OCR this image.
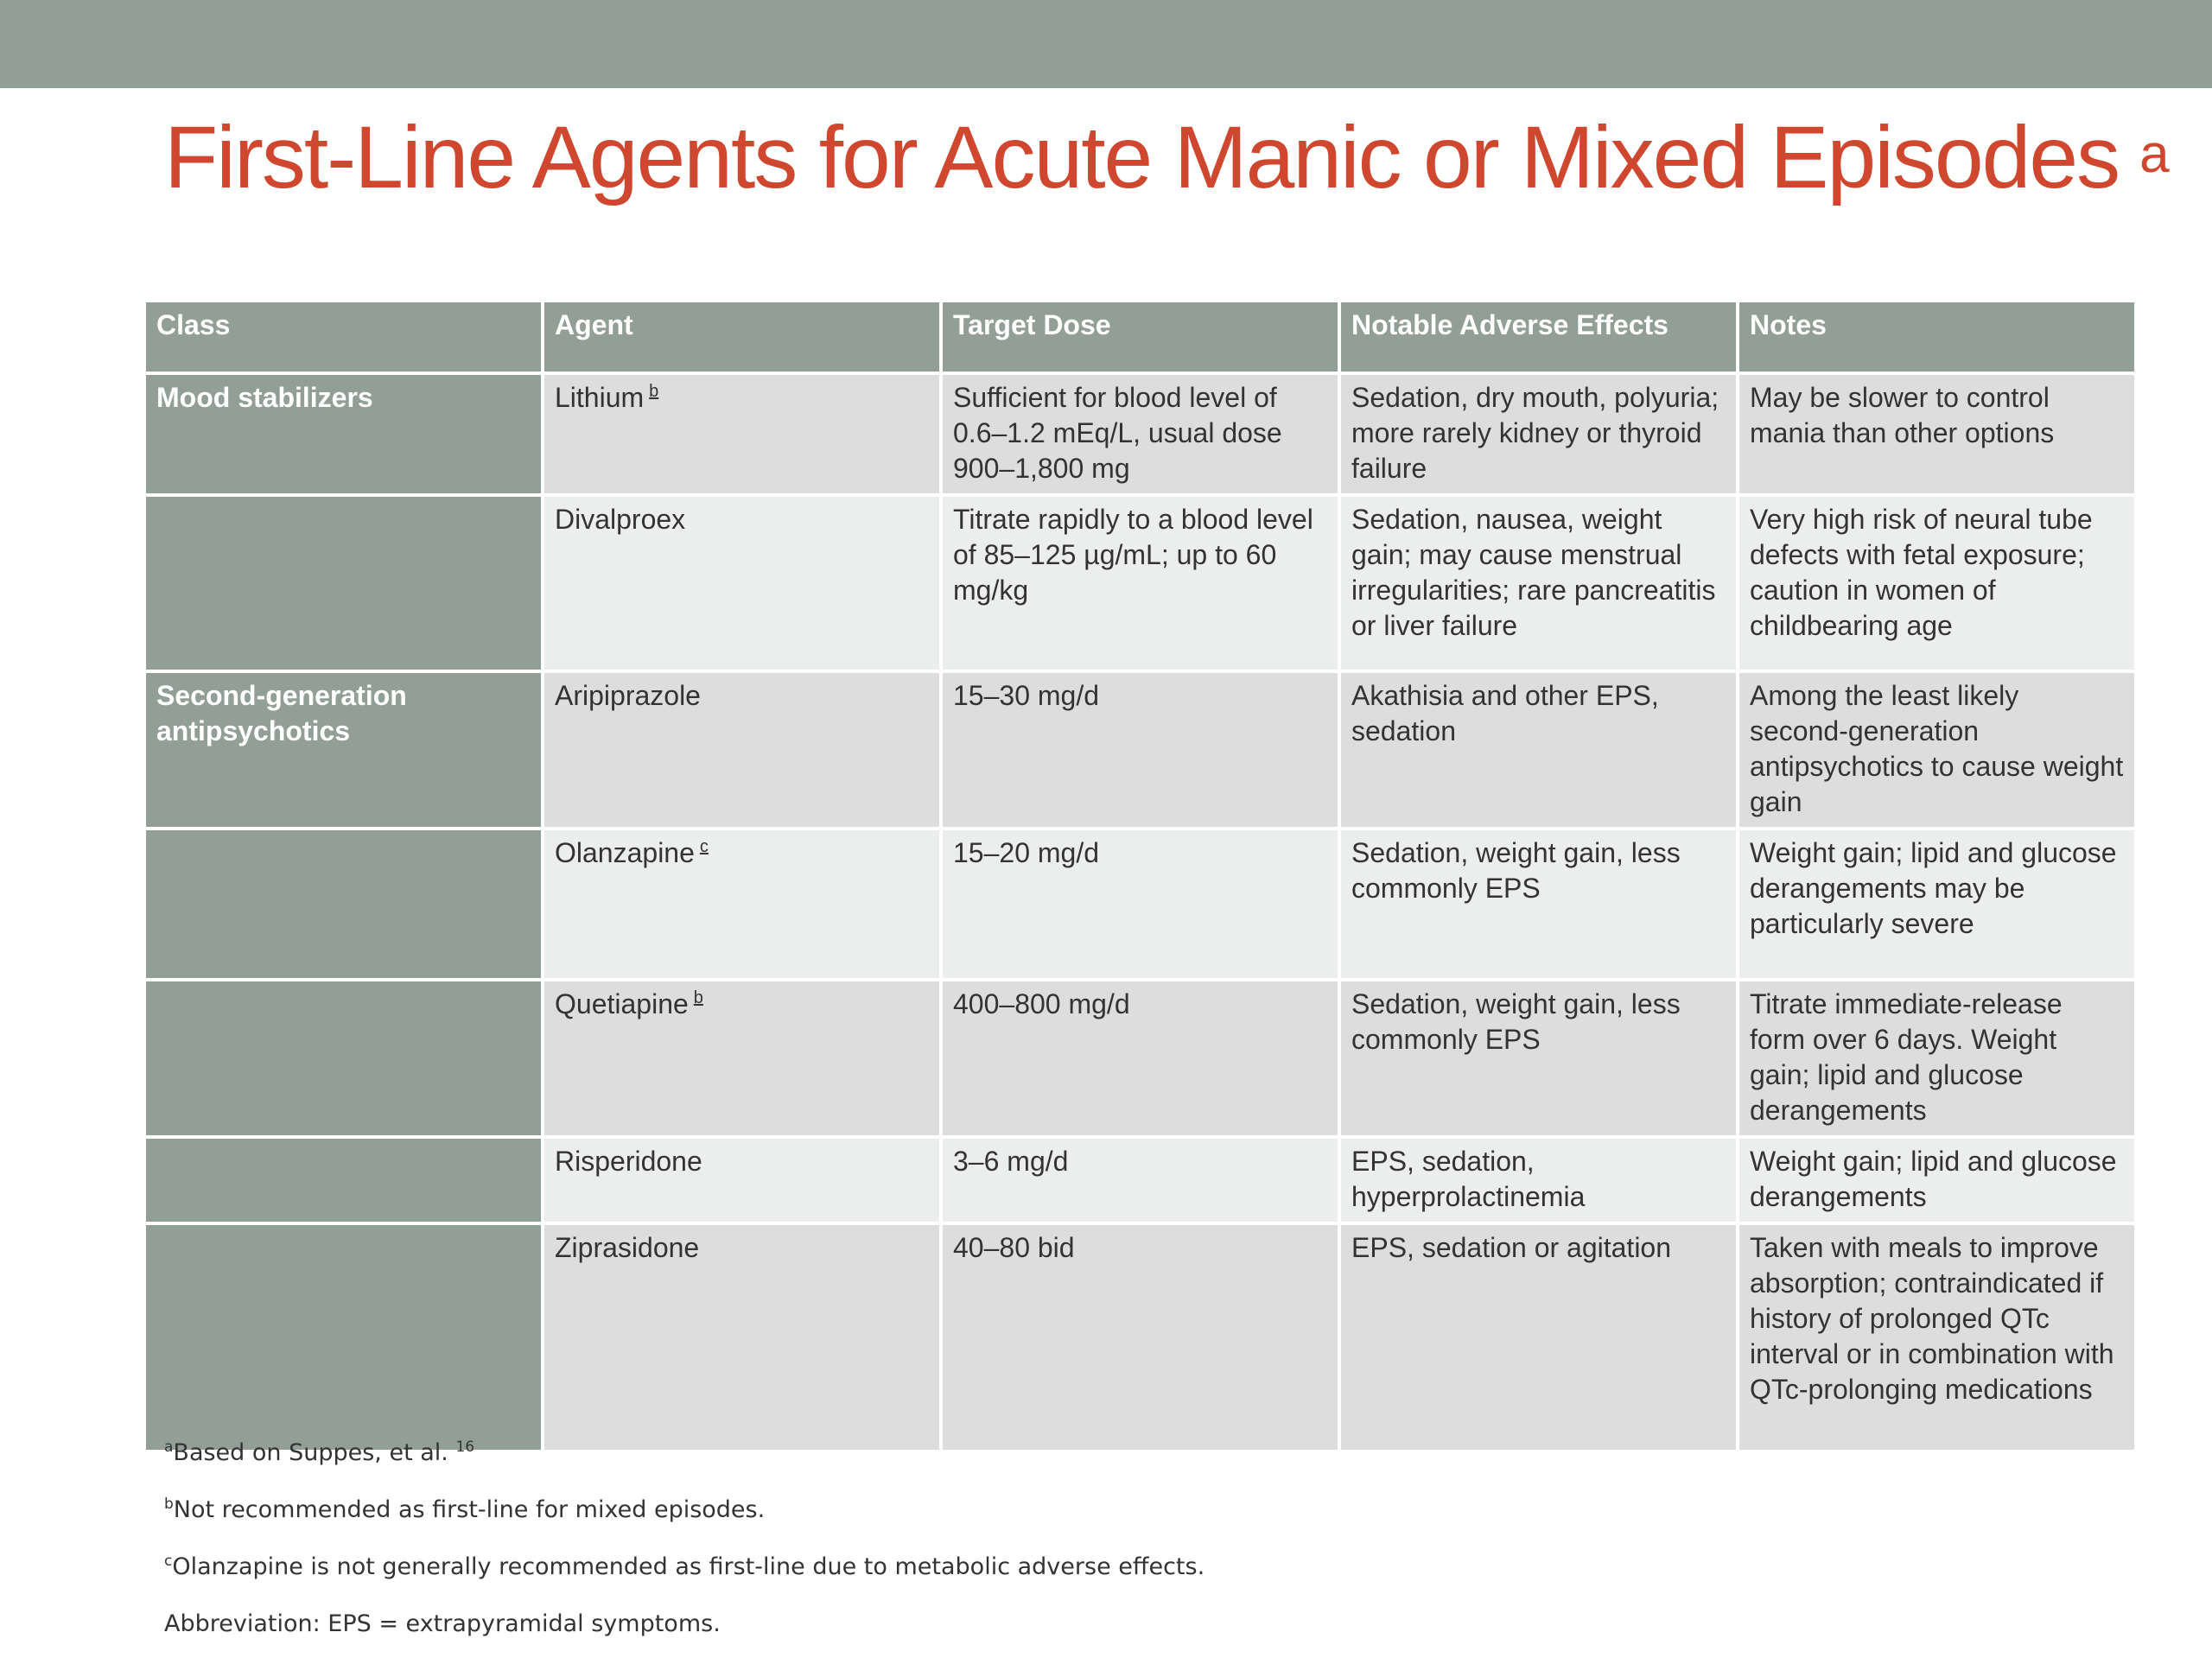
First-Line Agents for Acute Manic or Mixed Episodes $^a$
Class	Agent	Target Dose	Notable Adverse Effects	Notes
Mood stabilizers	Lithium $^b$	Sufficient for blood level of 0.6–1.2 mEq/L, usual dose 900–1,800 mg	Sedation, dry mouth, polyuria; more rarely kidney or thyroid failure	May be slower to control mania than other options
	Divalproex	Titrate rapidly to a blood level of 85–125 µg/mL; up to 60 mg/kg	Sedation, nausea, weight gain; may cause menstrual irregularities; rare pancreatitis or liver failure	Very high risk of neural tube defects with fetal exposure; caution in women of childbearing age
Second-generation antipsychotics	Aripiprazole	15–30 mg/d	Akathisia and other EPS, sedation	Among the least likely second-generation antipsychotics to cause weight gain
	Olanzapine $^c$	15–20 mg/d	Sedation, weight gain, less commonly EPS	Weight gain; lipid and glucose derangements may be particularly severe
	Quetiapine $^b$	400–800 mg/d	Sedation, weight gain, less commonly EPS	Titrate immediate-release form over 6 days. Weight gain; lipid and glucose derangements
	Risperidone	3–6 mg/d	EPS, sedation, hyperprolactinemia	Weight gain; lipid and glucose derangements
	Ziprasidone	40–80 bid	EPS, sedation or agitation	Taken with meals to improve absorption; contraindicated if history of prolonged QTc interval or in combination with QTc-prolonging medications
$^a$Based on Suppes, et al. $^{16}$
$^b$Not recommended as first-line for mixed episodes.
$^c$Olanzapine is not generally recommended as first-line due to metabolic adverse effects.
Abbreviation: EPS = extrapyramidal symptoms.
